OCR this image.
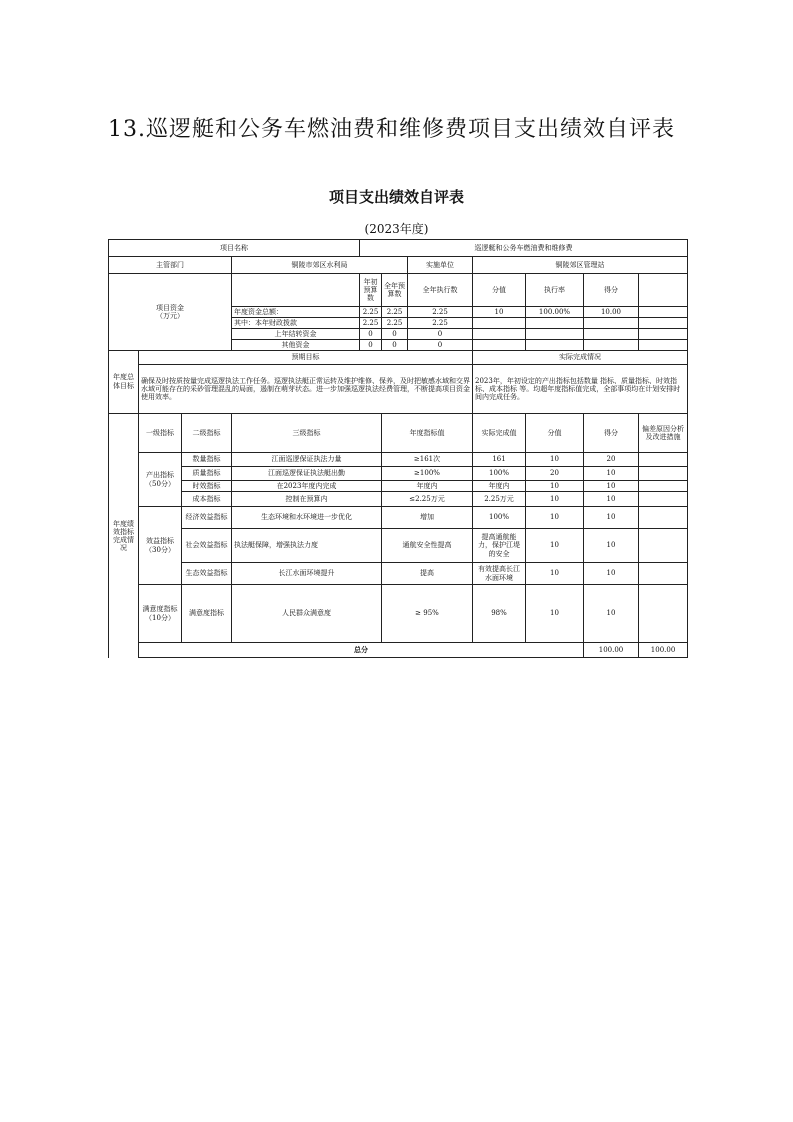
13.巡逻艇和公务车燃油费和维修费项目支出绩效自评表
项目支出绩效自评表
(2023年度)
项目名称				巡逻艇和公务车燃油费和维修费							
主管部门			铜陵市郊区水利局			实施单位	铜陵郊区管理站				
项目资金
（万元）				年初预算数	全年预算数	全年执行数	分值	执行率	得分		
			年度资金总额：	2.25	2.25	2.25	10	100.00%	10.00		
			其中：本年财政拨款	2.25	2.25	2.25					
			上年结转资金	0	0	0					
			其他资金	0	0	0					
年度总体目标	预期目标						实际完成情况				
	确保及时按质按量完成巡逻执法工作任务。巡逻执法艇正常运转及维护维修、保养，及时把敏感水域和交界水域可能存在的采砂管理混乱的局面，遏制在萌芽状态。进一步加强巡逻执法经费管理，不断提高项目资金使用效率。						2023年，年初设定的产出指标包括数量 指标、质量指标、时效指标、成本指标 等。均超年度指标值完成，全部事项均在计划安排时间内完成任务。				
年度绩效指标完成情况	一级指标	二级指标	三级指标		年度指标值		实际完成值	分值	得分	偏差原因分析及改进措施	
	产出指标
（50分）	数量指标	江面巡逻保证执法力量		≥161次		161	10	20		
		质量指标	江面巡逻保证执法艇出勤		≥100%		100%	20	10		
		时效指标	在2023年度内完成		年度内		年度内	10	10		
		成本指标	控制在预算内		≤2.25万元		2.25万元	10	10		
	效益指标
（30分）	经济效益指标	生态环境和水环境进一步优化		增加		100%	10	10		
		社会效益指标	执法艇保障，增强执法力度		通航安全性提高		提高通航能力，保护江堤的安全	10	10		
		生态效益指标	长江水面环境提升		提高		有效提高长江水面环境	10	10		
	满意度指标（10分）	满意度指标	人民群众满意度		≥ 95%		98%	10	10		
	总分								100.00	100.00	
